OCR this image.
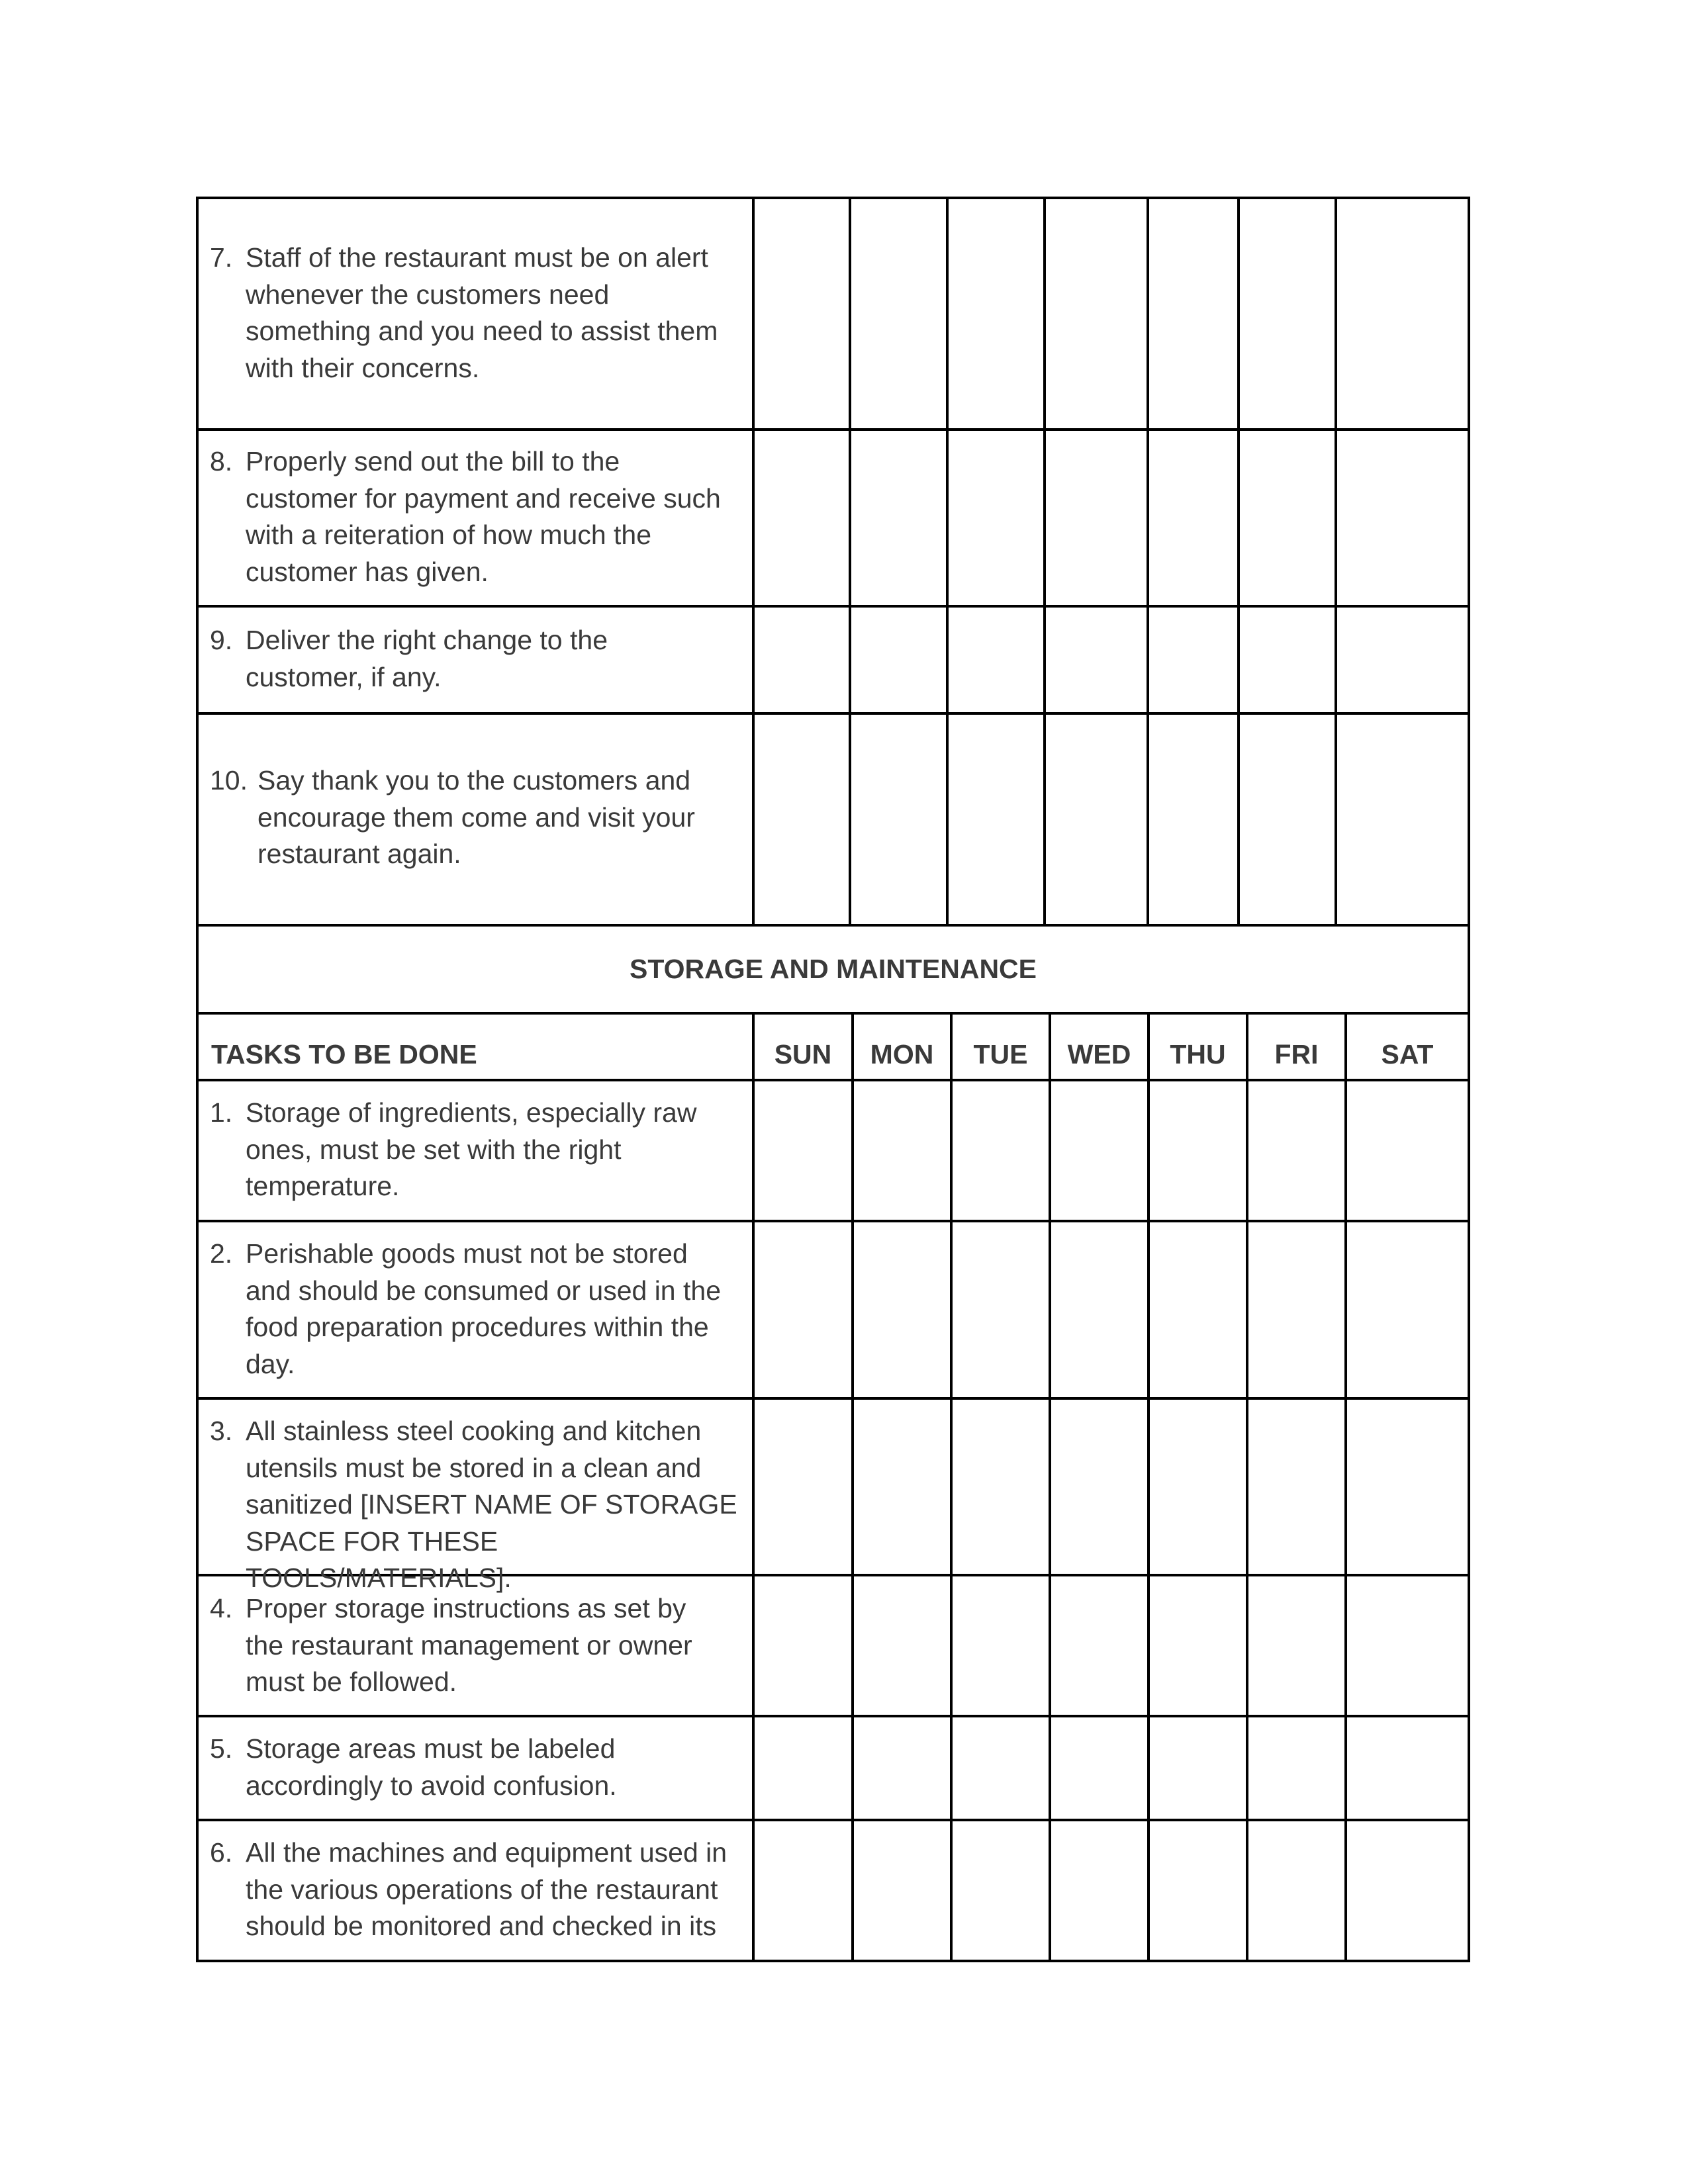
7. Staff of the restaurant must be on alert
whenever the customers need
something and you need to assist them
with their concerns.
8. Properly send out the bill to the
customer for payment and receive such
with a reiteration of how much the
customer has given.
9. Deliver the right change to the
customer, if any.
10. Say thank you to the customers and
encourage them come and visit your
restaurant again.
STORAGE AND MAINTENANCE
TASKS TO BE DONE	SUN	MON	TUE	WED	THU	FRI	SAT
1. Storage of ingredients, especially raw
ones, must be set with the right
temperature.
2. Perishable goods must not be stored
and should be consumed or used in the
food preparation procedures within the
day.
3. All stainless steel cooking and kitchen
utensils must be stored in a clean and
sanitized [INSERT NAME OF STORAGE
SPACE FOR THESE TOOLS/MATERIALS].
4. Proper storage instructions as set by
the restaurant management or owner
must be followed.
5. Storage areas must be labeled
accordingly to avoid confusion.
6. All the machines and equipment used in
the various operations of the restaurant
should be monitored and checked in its
